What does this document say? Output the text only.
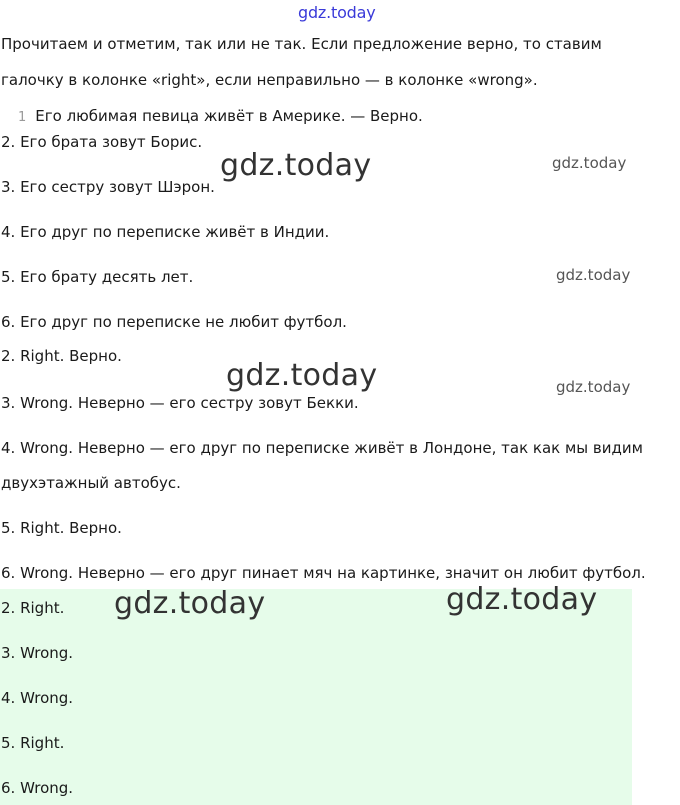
gdz.today
Прочитаем и отметим, так или не так. Если предложение верно, то ставим
галочку в колонке «right», если неправильно — в колонке «wrong».
1 Его любимая певица живёт в Америке. — Верно.
2. Его брата зовут Борис.
3. Его сестру зовут Шэрон.
4. Его друг по переписке живёт в Индии.
5. Его брату десять лет.
6. Его друг по переписке не любит футбол.
2. Right. Верно.
3. Wrong. Неверно — его сестру зовут Бекки.
4. Wrong. Неверно — его друг по переписке живёт в Лондоне, так как мы видим
двухэтажный автобус.
5. Right. Верно.
6. Wrong. Неверно — его друг пинает мяч на картинке, значит он любит футбол.
2. Right.
3. Wrong.
4. Wrong.
5. Right.
6. Wrong.
gdz.today	gdz.today
gdz.today
gdz.today	gdz.today
gdz.today	gdz.today
